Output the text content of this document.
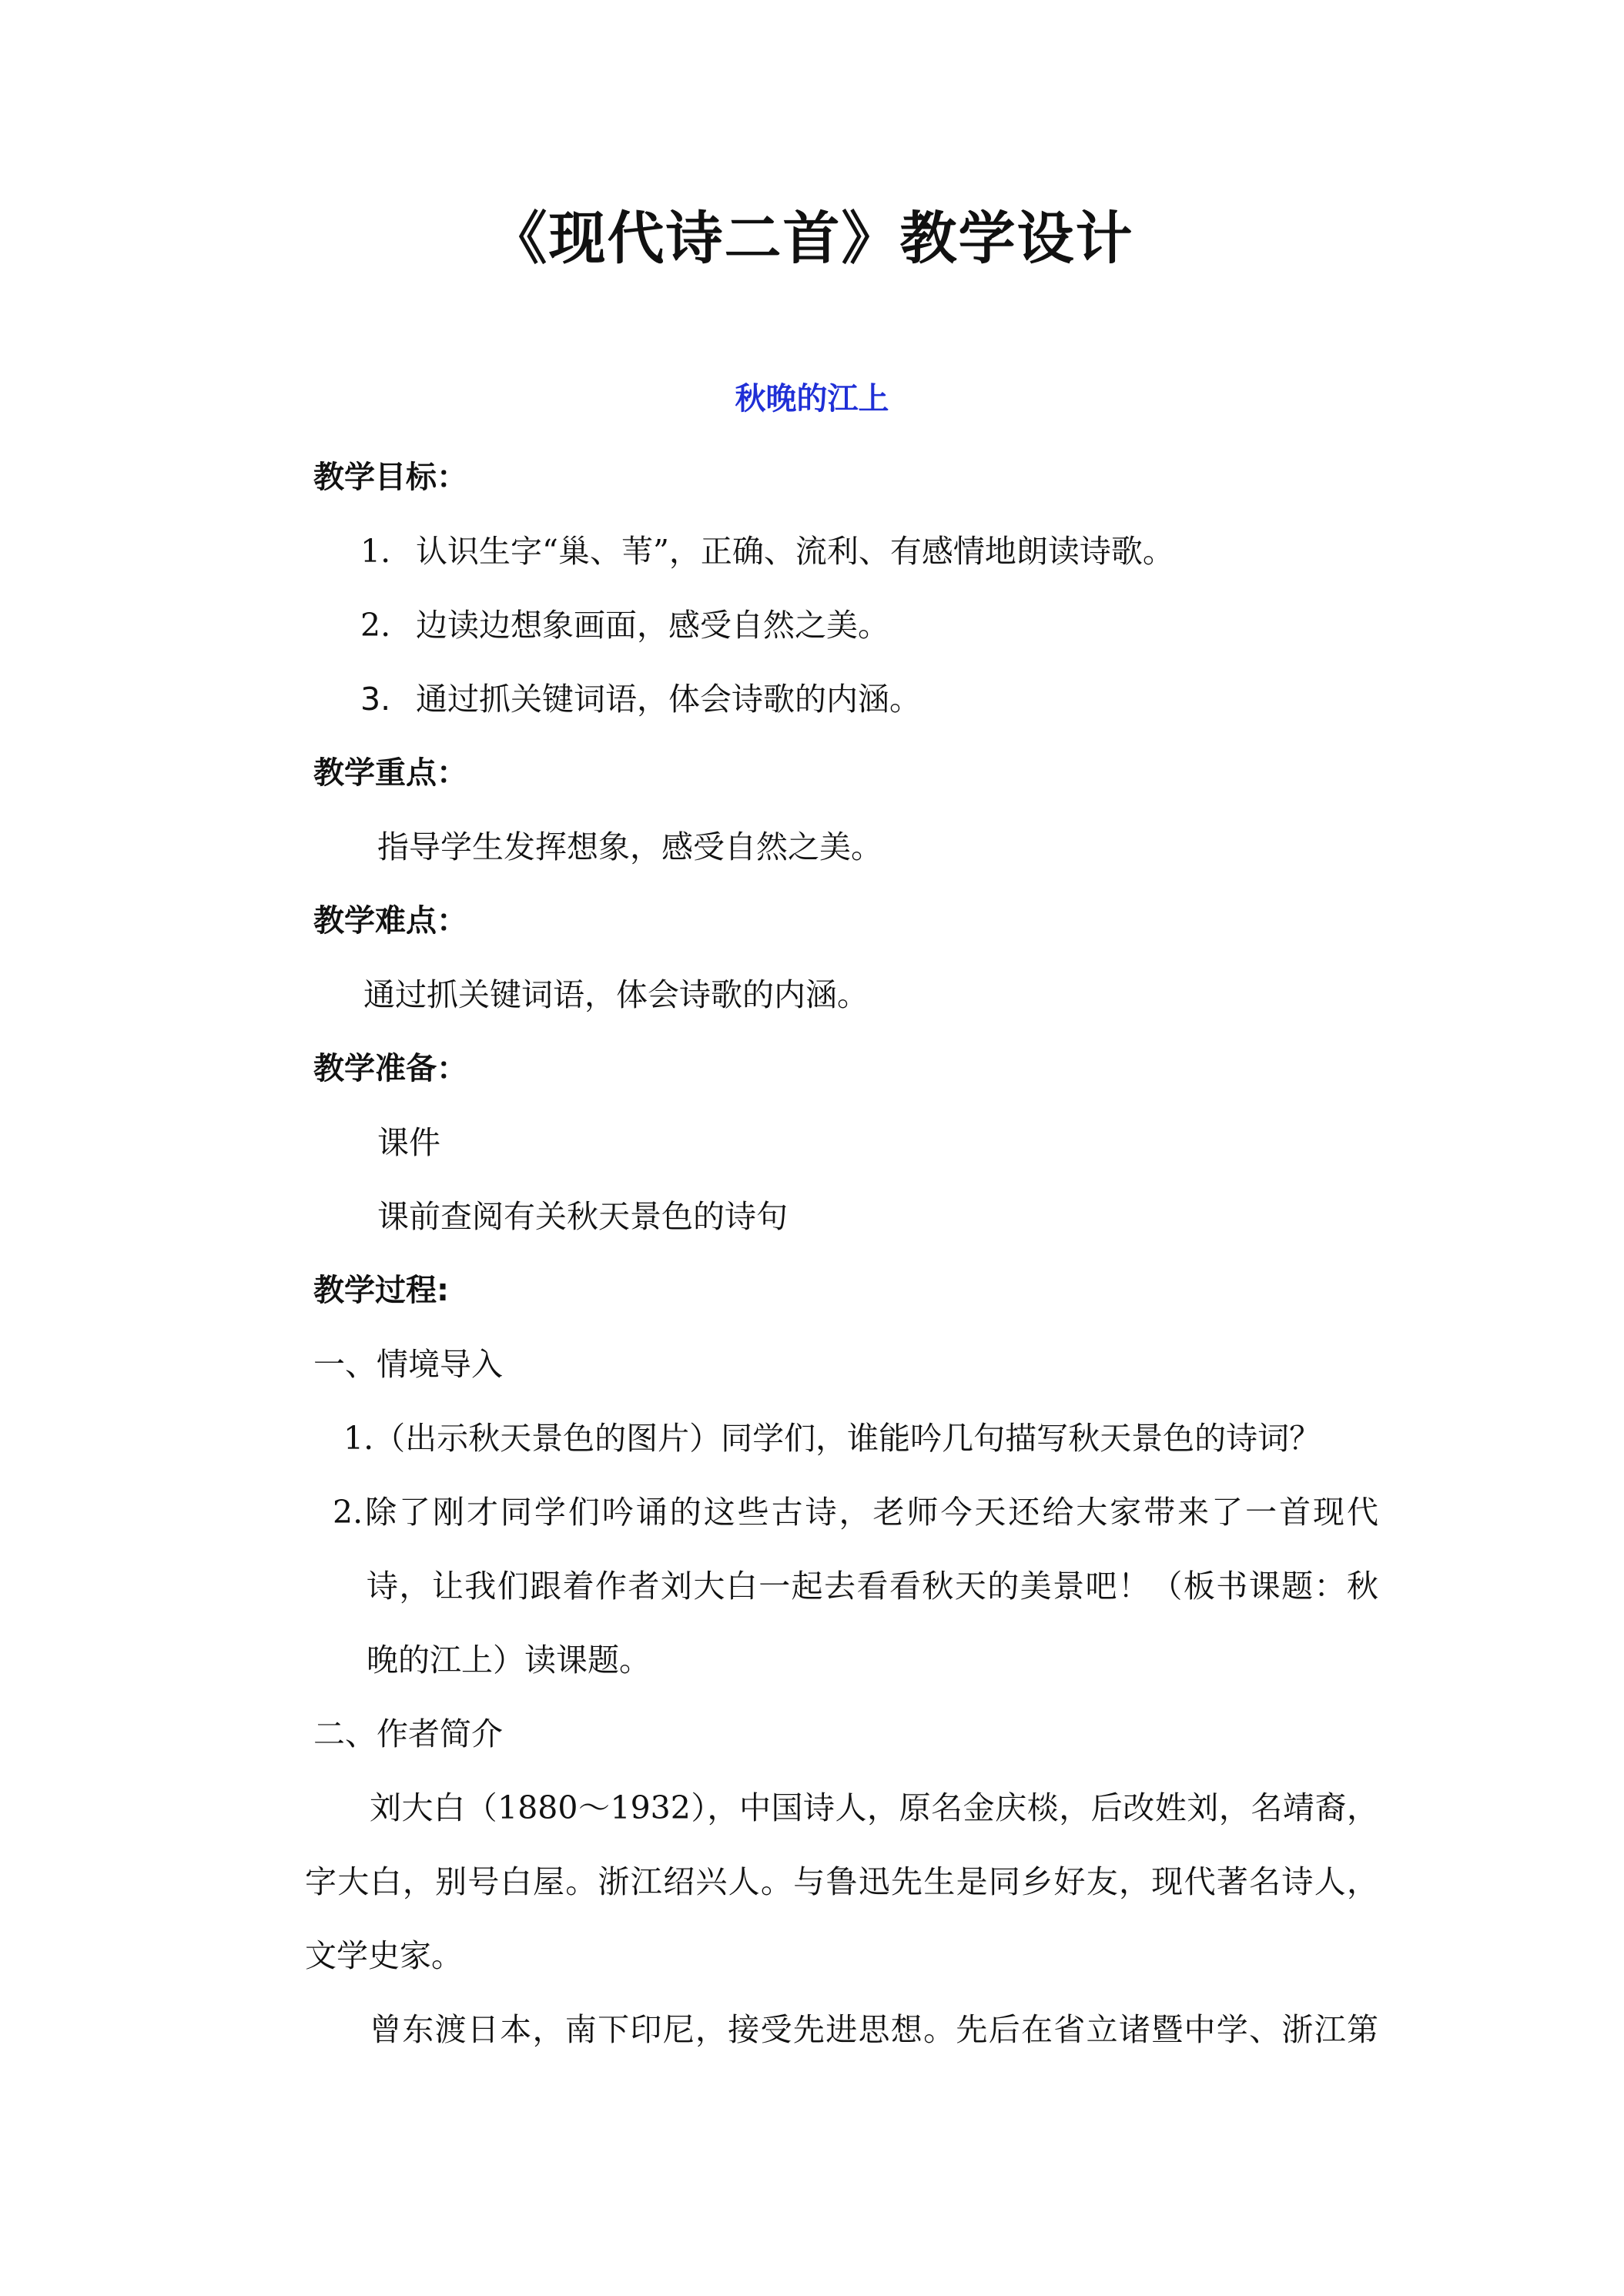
《现代诗二首》教学设计
秋晚的江上
教学目标：
1. 认识生字“巢、苇”，正确、流利、有感情地朗读诗歌。
2. 边读边想象画面，感受自然之美。
3. 通过抓关键词语，体会诗歌的内涵。
教学重点：
指导学生发挥想象，感受自然之美。
教学难点：
通过抓关键词语，体会诗歌的内涵。
教学准备：
课件
课前查阅有关秋天景色的诗句
教学过程:
一、情境导入
1.（出示秋天景色的图片）同学们，谁能吟几句描写秋天景色的诗词？
2.除了刚才同学们吟诵的这些古诗，老师今天还给大家带来了一首现代
诗，让我们跟着作者刘大白一起去看看秋天的美景吧！（板书课题：秋
晚的江上）读课题。
二、作者简介
刘大白（1880～1932），中国诗人，原名金庆棪，后改姓刘，名靖裔，
字大白，别号白屋。浙江绍兴人。与鲁迅先生是同乡好友，现代著名诗人，
文学史家。
曾东渡日本，南下印尼，接受先进思想。先后在省立诸暨中学、浙江第
